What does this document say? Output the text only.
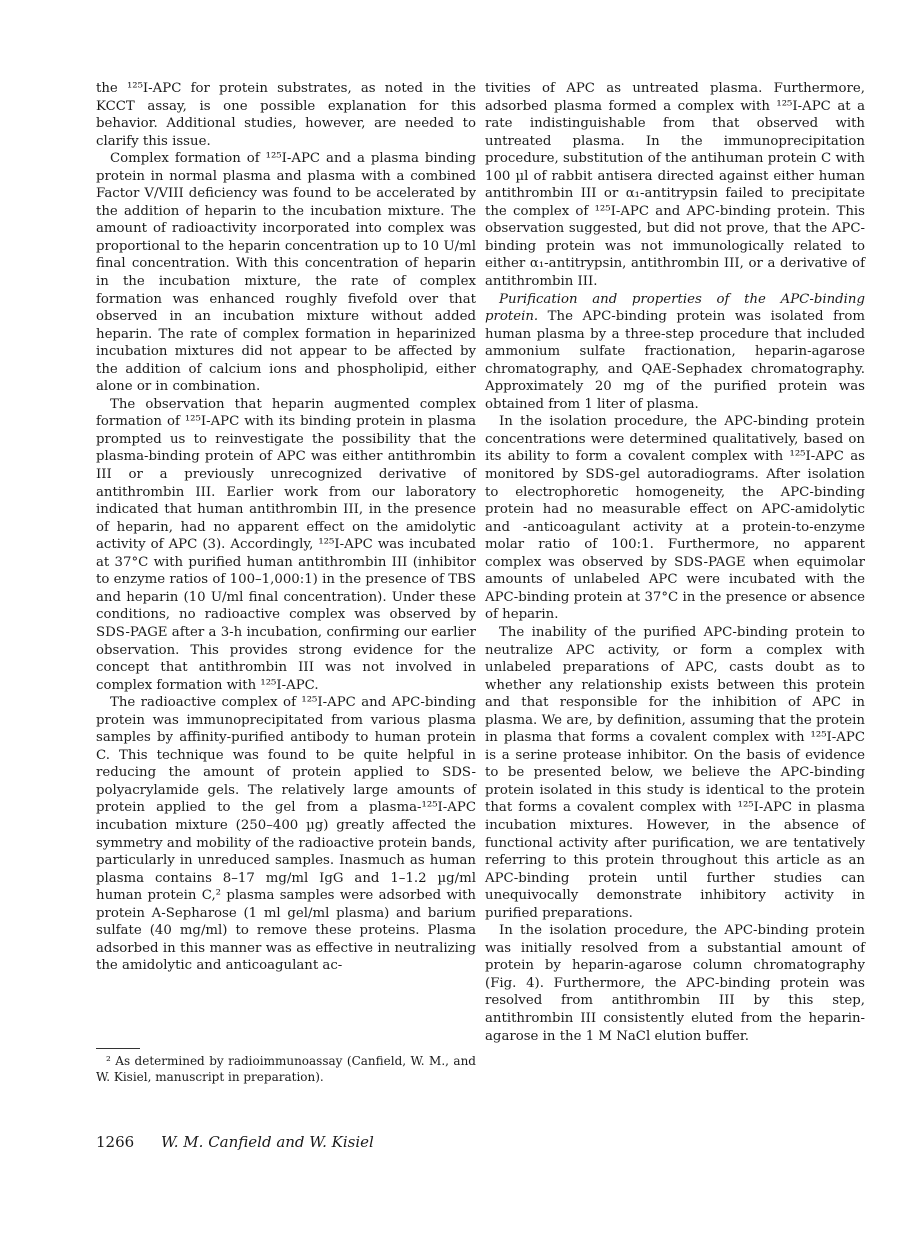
the ¹²⁵I-APC for protein substrates, as noted in the KCCT assay, is one possible explanation for this behavior. Additional studies, however, are needed to clarify this issue.

Complex formation of ¹²⁵I-APC and a plasma binding protein in normal plasma and plasma with a combined Factor V/VIII deficiency was found to be accelerated by the addition of heparin to the incubation mixture. The amount of radioactivity incorporated into complex was proportional to the heparin concentration up to 10 U/ml final concentration. With this concentration of heparin in the incubation mixture, the rate of complex formation was enhanced roughly fivefold over that observed in an incubation mixture without added heparin. The rate of complex formation in heparinized incubation mixtures did not appear to be affected by the addition of calcium ions and phospholipid, either alone or in combination.

The observation that heparin augmented complex formation of ¹²⁵I-APC with its binding protein in plasma prompted us to reinvestigate the possibility that the plasma-binding protein of APC was either antithrombin III or a previously unrecognized derivative of antithrombin III. Earlier work from our laboratory indicated that human antithrombin III, in the presence of heparin, had no apparent effect on the amidolytic activity of APC (3). Accordingly, ¹²⁵I-APC was incubated at 37°C with purified human antithrombin III (inhibitor to enzyme ratios of 100–1,000:1) in the presence of TBS and heparin (10 U/ml final concentration). Under these conditions, no radioactive complex was observed by SDS-PAGE after a 3-h incubation, confirming our earlier observation. This provides strong evidence for the concept that antithrombin III was not involved in complex formation with ¹²⁵I-APC.

The radioactive complex of ¹²⁵I-APC and APC-binding protein was immunoprecipitated from various plasma samples by affinity-purified antibody to human protein C. This technique was found to be quite helpful in reducing the amount of protein applied to SDS-polyacrylamide gels. The relatively large amounts of protein applied to the gel from a plasma-¹²⁵I-APC incubation mixture (250–400 µg) greatly affected the symmetry and mobility of the radioactive protein bands, particularly in unreduced samples. Inasmuch as human plasma contains 8–17 mg/ml IgG and 1–1.2 µg/ml human protein C,² plasma samples were adsorbed with protein A-Sepharose (1 ml gel/ml plasma) and barium sulfate (40 mg/ml) to remove these proteins. Plasma adsorbed in this manner was as effective in neutralizing the amidolytic and anticoagulant ac-

tivities of APC as untreated plasma. Furthermore, adsorbed plasma formed a complex with ¹²⁵I-APC at a rate indistinguishable from that observed with untreated plasma. In the immunoprecipitation procedure, substitution of the antihuman protein C with 100 µl of rabbit antisera directed against either human antithrombin III or α₁-antitrypsin failed to precipitate the complex of ¹²⁵I-APC and APC-binding protein. This observation suggested, but did not prove, that the APC-binding protein was not immunologically related to either α₁-antitrypsin, antithrombin III, or a derivative of antithrombin III.

Purification and properties of the APC-binding protein. The APC-binding protein was isolated from human plasma by a three-step procedure that included ammonium sulfate fractionation, heparin-agarose chromatography, and QAE-Sephadex chromatography. Approximately 20 mg of the purified protein was obtained from 1 liter of plasma.

In the isolation procedure, the APC-binding protein concentrations were determined qualitatively, based on its ability to form a covalent complex with ¹²⁵I-APC as monitored by SDS-gel autoradiograms. After isolation to electrophoretic homogeneity, the APC-binding protein had no measurable effect on APC-amidolytic and -anticoagulant activity at a protein-to-enzyme molar ratio of 100:1. Furthermore, no apparent complex was observed by SDS-PAGE when equimolar amounts of unlabeled APC were incubated with the APC-binding protein at 37°C in the presence or absence of heparin.

The inability of the purified APC-binding protein to neutralize APC activity, or form a complex with unlabeled preparations of APC, casts doubt as to whether any relationship exists between this protein and that responsible for the inhibition of APC in plasma. We are, by definition, assuming that the protein in plasma that forms a covalent complex with ¹²⁵I-APC is a serine protease inhibitor. On the basis of evidence to be presented below, we believe the APC-binding protein isolated in this study is identical to the protein that forms a covalent complex with ¹²⁵I-APC in plasma incubation mixtures. However, in the absence of functional activity after purification, we are tentatively referring to this protein throughout this article as an APC-binding protein until further studies can unequivocally demonstrate inhibitory activity in purified preparations.

In the isolation procedure, the APC-binding protein was initially resolved from a substantial amount of protein by heparin-agarose column chromatography (Fig. 4). Furthermore, the APC-binding protein was resolved from antithrombin III by this step, antithrombin III consistently eluted from the heparin-agarose in the 1 M NaCl elution buffer.

² As determined by radioimmunoassay (Canfield, W. M., and W. Kisiel, manuscript in preparation).
1266 W. M. Canfield and W. Kisiel
